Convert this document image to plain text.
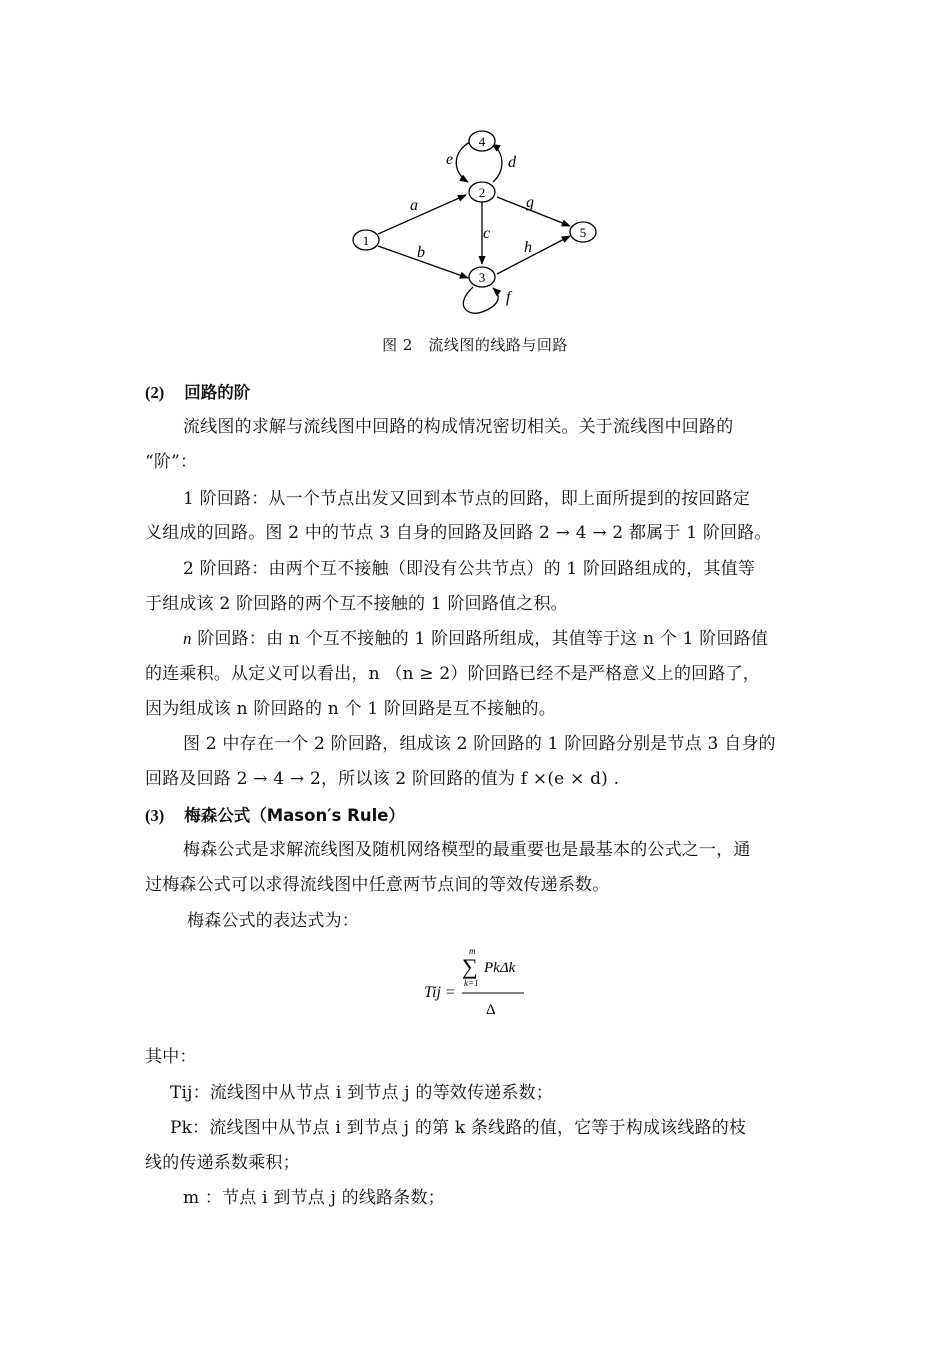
1
2
3
4
5
a
b
c
d
e
f
g
h
图 2　流线图的线路与回路
(2) 回路的阶
流线图的求解与流线图中回路的构成情况密切相关。关于流线图中回路的
“阶”：
1 阶回路：从一个节点出发又回到本节点的回路，即上面所提到的按回路定
义组成的回路。图 2 中的节点 3 自身的回路及回路 2 → 4 → 2 都属于 1 阶回路。
2 阶回路：由两个互不接触（即没有公共节点）的 1 阶回路组成的，其值等
于组成该 2 阶回路的两个互不接触的 1 阶回路值之积。
n 阶回路：由 n 个互不接触的 1 阶回路所组成，其值等于这 n 个 1 阶回路值
的连乘积。从定义可以看出，n （n ≥ 2）阶回路已经不是严格意义上的回路了，
因为组成该 n 阶回路的 n 个 1 阶回路是互不接触的。
图 2 中存在一个 2 阶回路，组成该 2 阶回路的 1 阶回路分别是节点 3 自身的
回路及回路 2 → 4 → 2，所以该 2 阶回路的值为 f ×(e × d) .
(3) 梅森公式（Mason′s Rule）
梅森公式是求解流线图及随机网络模型的最重要也是最基本的公式之一，通
过梅森公式可以求得流线图中任意两节点间的等效传递系数。
梅森公式的表达式为：
m
∑
k=1
PkΔk
Tij =
Δ
其中：
Tij：流线图中从节点 i 到节点 j 的等效传递系数；
Pk：流线图中从节点 i 到节点 j 的第 k 条线路的值，它等于构成该线路的枝
线的传递系数乘积；
m ：节点 i 到节点 j 的线路条数；
